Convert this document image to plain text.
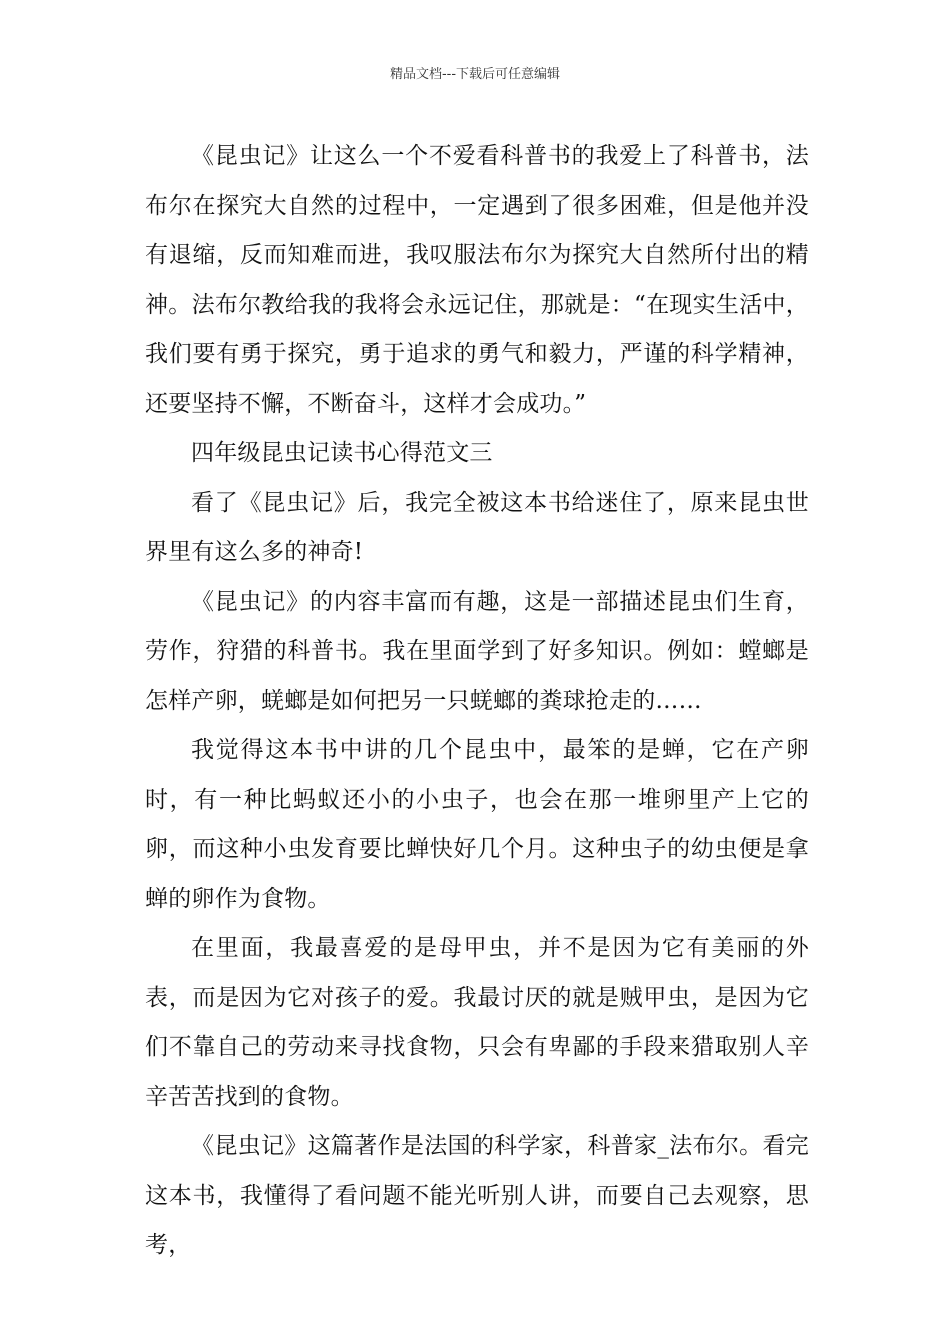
精品文档---下载后可任意编辑

《昆虫记》让这么一个不爱看科普书的我爱上了科普书，法布尔在探究大自然的过程中，一定遇到了很多困难，但是他并没有退缩，反而知难而进，我叹服法布尔为探究大自然所付出的精神。法布尔教给我的我将会永远记住，那就是：“在现实生活中，我们要有勇于探究，勇于追求的勇气和毅力，严谨的科学精神，还要坚持不懈，不断奋斗，这样才会成功。”

四年级昆虫记读书心得范文三

看了《昆虫记》后，我完全被这本书给迷住了，原来昆虫世界里有这么多的神奇!

《昆虫记》的内容丰富而有趣，这是一部描述昆虫们生育，劳作，狩猎的科普书。我在里面学到了好多知识。例如：螳螂是怎样产卵，蜣螂是如何把另一只蜣螂的粪球抢走的……

我觉得这本书中讲的几个昆虫中，最笨的是蝉，它在产卵时，有一种比蚂蚁还小的小虫子，也会在那一堆卵里产上它的卵，而这种小虫发育要比蝉快好几个月。这种虫子的幼虫便是拿蝉的卵作为食物。

在里面，我最喜爱的是母甲虫，并不是因为它有美丽的外表，而是因为它对孩子的爱。我最讨厌的就是贼甲虫，是因为它们不靠自己的劳动来寻找食物，只会有卑鄙的手段来猎取别人辛辛苦苦找到的食物。

《昆虫记》这篇著作是法国的科学家，科普家_法布尔。看完这本书，我懂得了看问题不能光听别人讲，而要自己去观察，思考，
